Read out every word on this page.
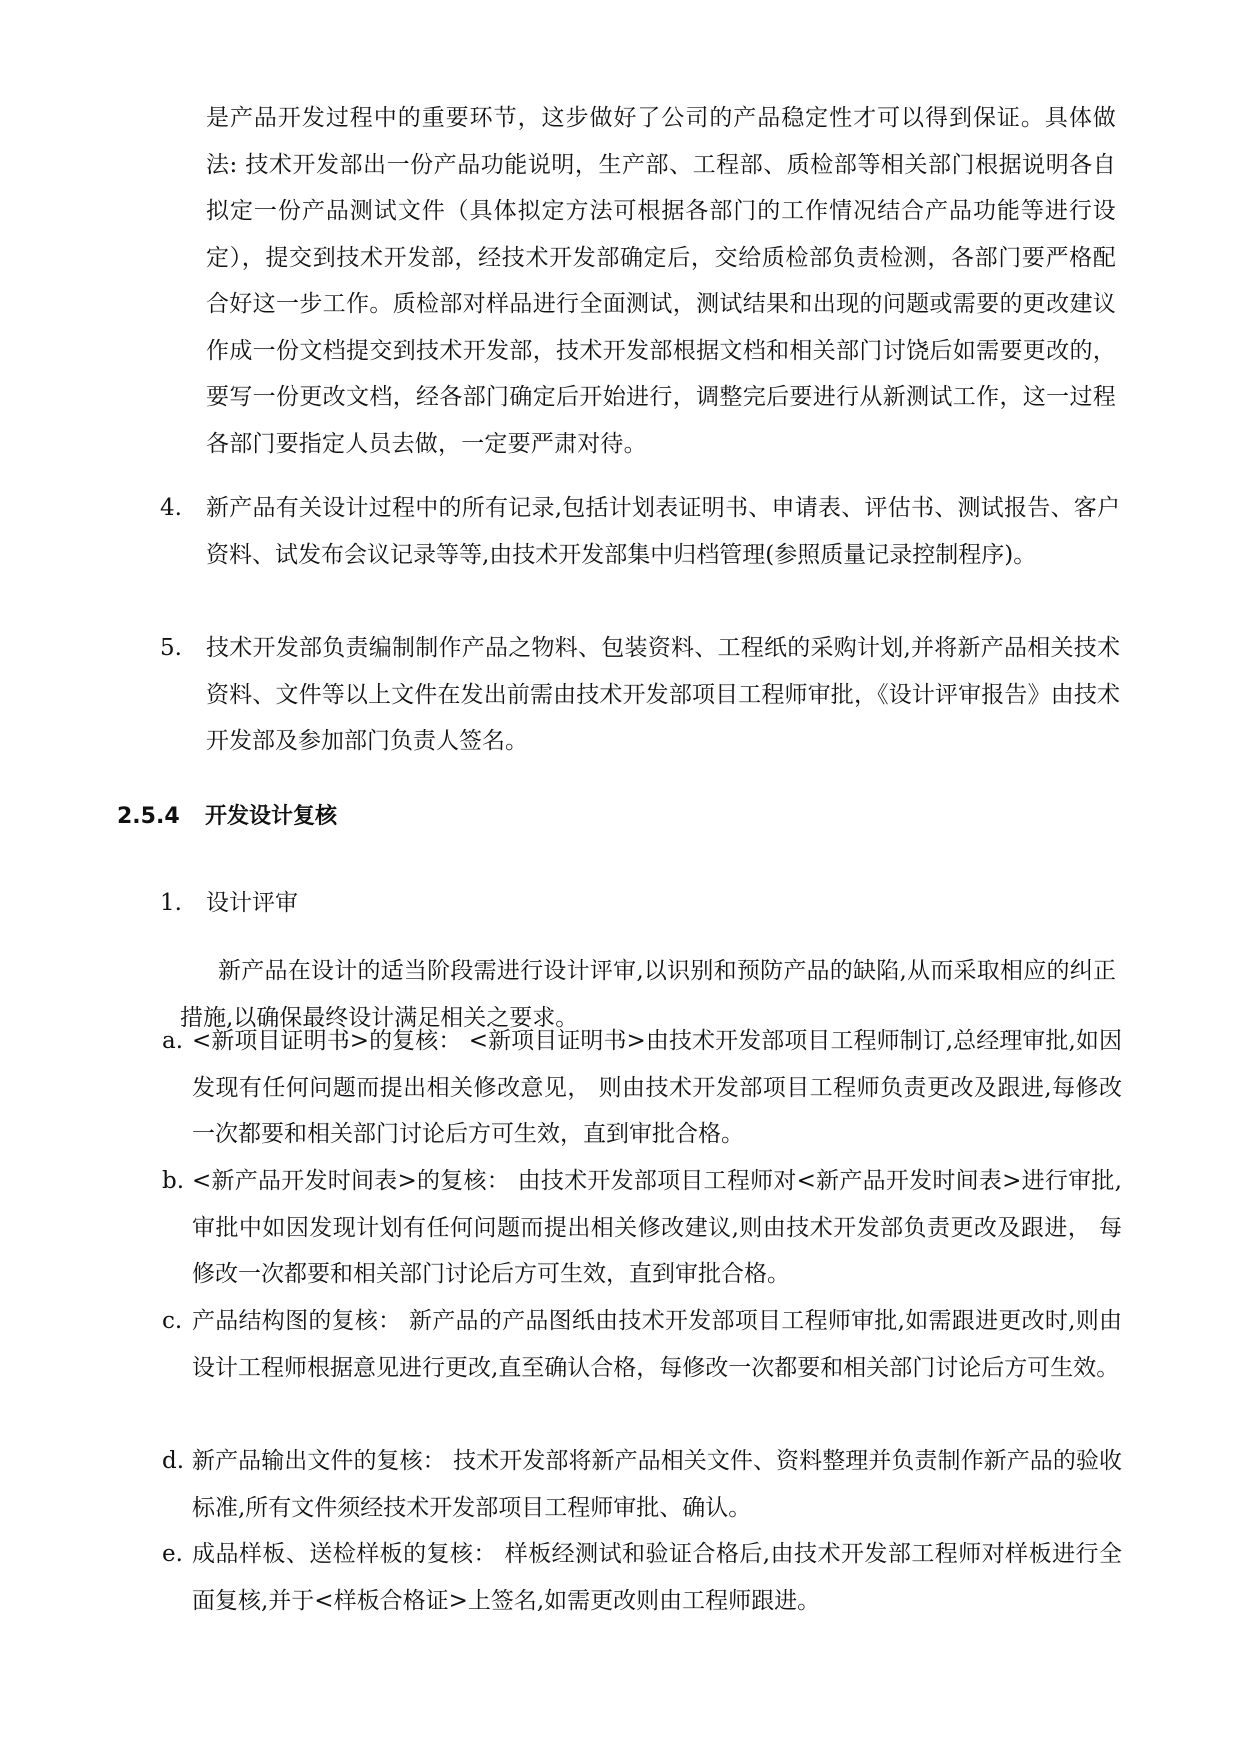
是产品开发过程中的重要环节，这步做好了公司的产品稳定性才可以得到保证。具体做法: 技术开发部出一份产品功能说明，生产部、工程部、质检部等相关部门根据说明各自拟定一份产品测试文件（具体拟定方法可根据各部门的工作情况结合产品功能等进行设定），提交到技术开发部，经技术开发部确定后，交给质检部负责检测，各部门要严格配合好这一步工作。质检部对样品进行全面测试，测试结果和出现的问题或需要的更改建议作成一份文档提交到技术开发部，技术开发部根据文档和相关部门讨饶后如需要更改的，要写一份更改文档，经各部门确定后开始进行，调整完后要进行从新测试工作，这一过程各部门要指定人员去做，一定要严肃对待。

4.	新产品有关设计过程中的所有记录,包括计划表证明书、申请表、评估书、测试报告、客户资料、试发布会议记录等等,由技术开发部集中归档管理(参照质量记录控制程序)。
5.	技术开发部负责编制制作产品之物料、包装资料、工程纸的采购计划,并将新产品相关技术资料、文件等以上文件在发出前需由技术开发部项目工程师审批，《设计评审报告》由技术开发部及参加部门负责人签名。
2.5.4	开发设计复核
1.	设计评审

新产品在设计的适当阶段需进行设计评审,以识别和预防产品的缺陷,从而采取相应的纠正措施,以确保最终设计满足相关之要求。

a. <新项目证明书>的复核： <新项目证明书>由技术开发部项目工程师制订,总经理审批,如因发现有任何问题而提出相关修改意见， 则由技术开发部项目工程师负责更改及跟进,每修改一次都要和相关部门讨论后方可生效，直到审批合格。
b. <新产品开发时间表>的复核： 由技术开发部项目工程师对<新产品开发时间表>进行审批,审批中如因发现计划有任何问题而提出相关修改建议,则由技术开发部负责更改及跟进， 每修改一次都要和相关部门讨论后方可生效，直到审批合格。
c. 产品结构图的复核： 新产品的产品图纸由技术开发部项目工程师审批,如需跟进更改时,则由设计工程师根据意见进行更改,直至确认合格，每修改一次都要和相关部门讨论后方可生效。
d. 新产品输出文件的复核： 技术开发部将新产品相关文件、资料整理并负责制作新产品的验收标准,所有文件须经技术开发部项目工程师审批、确认。
e. 成品样板、送检样板的复核： 样板经测试和验证合格后,由技术开发部工程师对样板进行全面复核,并于<样板合格证>上签名,如需更改则由工程师跟进。
